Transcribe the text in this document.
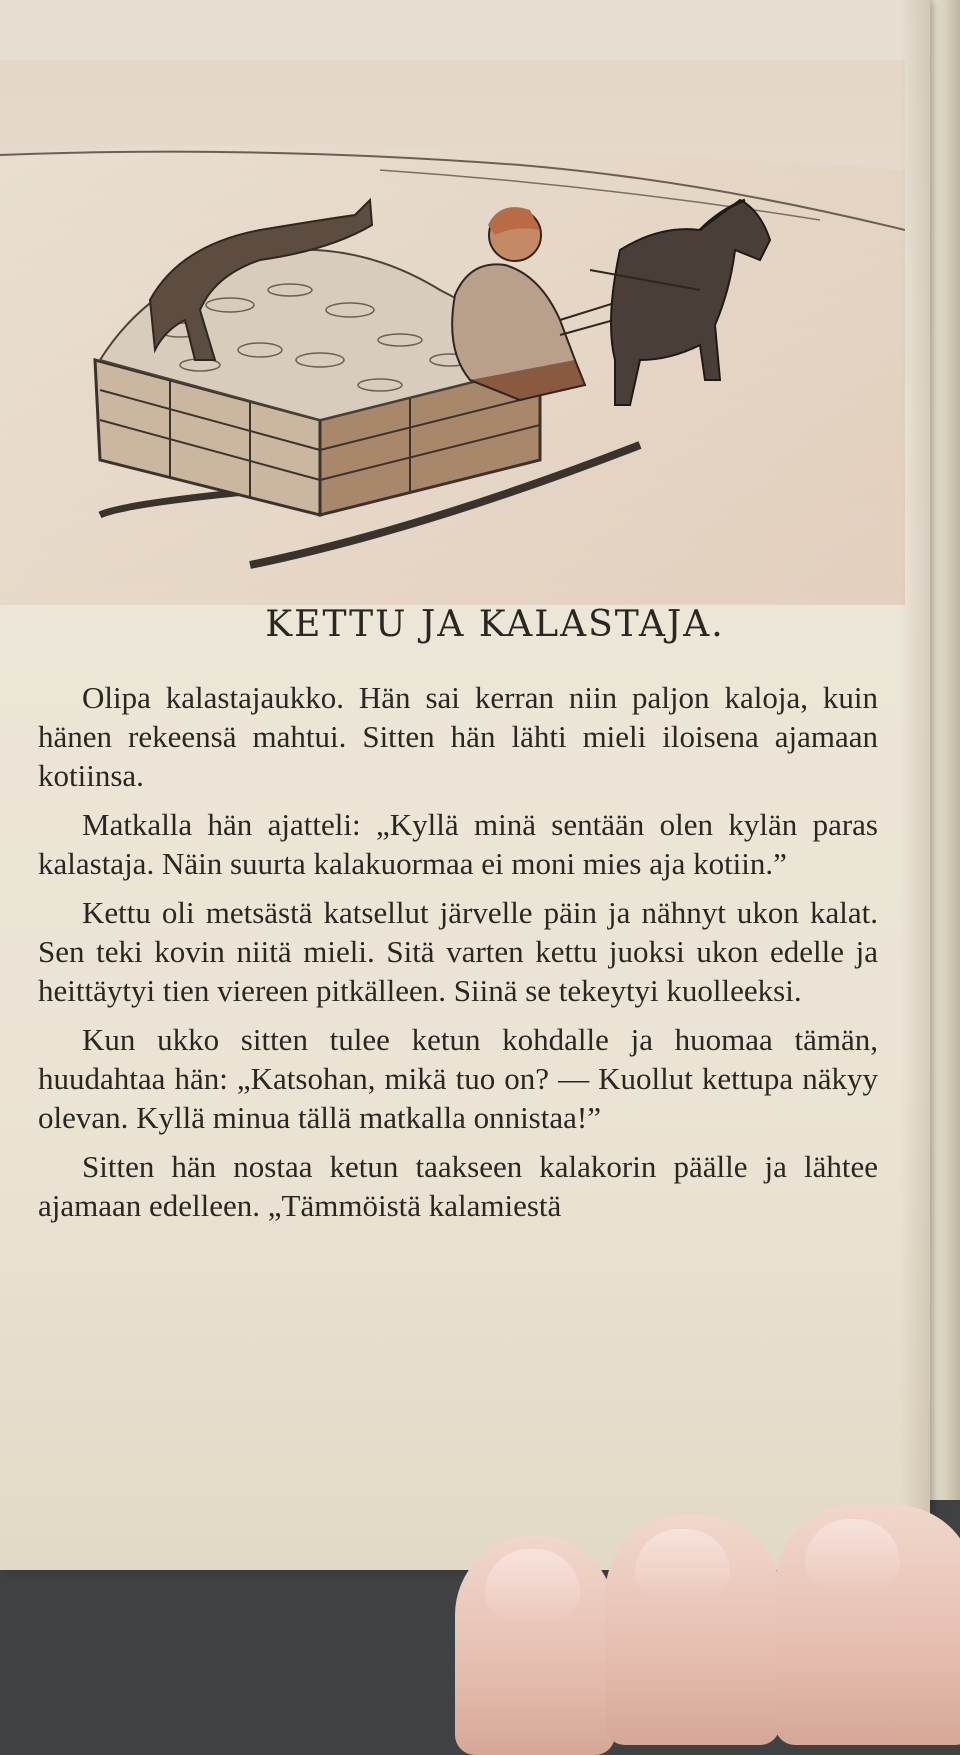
KETTU JA KALASTAJA.

Olipa kalastajaukko. Hän sai kerran niin paljon kaloja, kuin hänen rekeensä mahtui. Sitten hän lähti mieli iloisena ajamaan kotiinsa.

Matkalla hän ajatteli: „Kyllä minä sentään olen kylän paras kalastaja. Näin suurta kalakuormaa ei moni mies aja kotiin.”

Kettu oli metsästä katsellut järvelle päin ja nähnyt ukon kalat. Sen teki kovin niitä mieli. Sitä varten kettu juoksi ukon edelle ja heittäytyi tien viereen pitkälleen. Siinä se tekeytyi kuolleeksi.

Kun ukko sitten tulee ketun kohdalle ja huomaa tämän, huudahtaa hän: „Katsohan, mikä tuo on? — Kuollut kettupa näkyy olevan. Kyllä minua tällä matkalla onnistaa!”

Sitten hän nostaa ketun taakseen kalakorin päälle ja lähtee ajamaan edelleen. „Tämmöistä kalamiestä
